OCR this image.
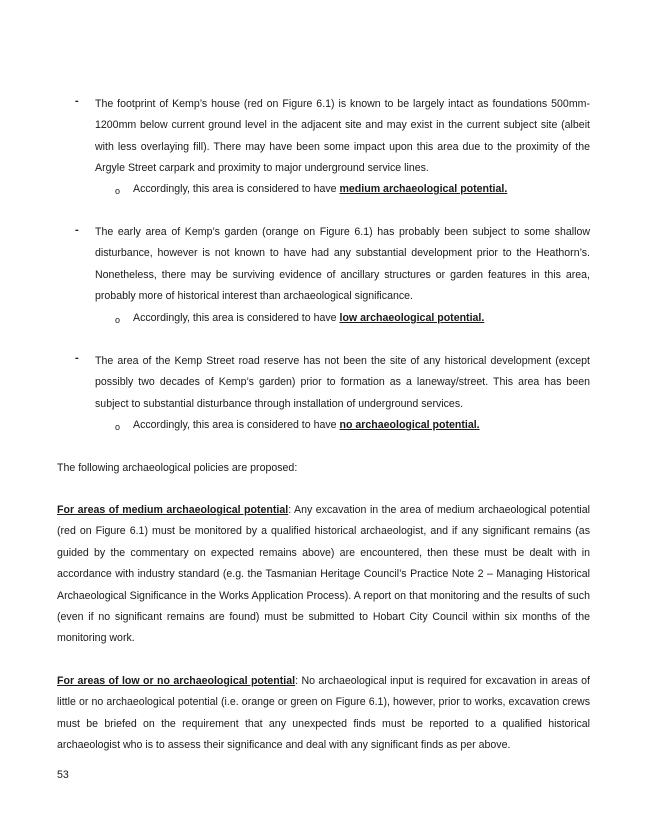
- The footprint of Kemp’s house (red on Figure 6.1) is known to be largely intact as foundations 500mm-1200mm below current ground level in the adjacent site and may exist in the current subject site (albeit with less overlaying fill). There may have been some impact upon this area due to the proximity of the Argyle Street carpark and proximity to major underground service lines.

o Accordingly, this area is considered to have medium archaeological potential.
- The early area of Kemp’s garden (orange on Figure 6.1) has probably been subject to some shallow disturbance, however is not known to have had any substantial development prior to the Heathorn’s. Nonetheless, there may be surviving evidence of ancillary structures or garden features in this area, probably more of historical interest than archaeological significance.

o Accordingly, this area is considered to have low archaeological potential.
- The area of the Kemp Street road reserve has not been the site of any historical development (except possibly two decades of Kemp’s garden) prior to formation as a laneway/street. This area has been subject to substantial disturbance through installation of underground services.

o Accordingly, this area is considered to have no archaeological potential.

The following archaeological policies are proposed:

For areas of medium archaeological potential: Any excavation in the area of medium archaeological potential (red on Figure 6.1) must be monitored by a qualified historical archaeologist, and if any significant remains (as guided by the commentary on expected remains above) are encountered, then these must be dealt with in accordance with industry standard (e.g. the Tasmanian Heritage Council’s Practice Note 2 – Managing Historical Archaeological Significance in the Works Application Process). A report on that monitoring and the results of such (even if no significant remains are found) must be submitted to Hobart City Council within six months of the monitoring work.

For areas of low or no archaeological potential: No archaeological input is required for excavation in areas of little or no archaeological potential (i.e. orange or green on Figure 6.1), however, prior to works, excavation crews must be briefed on the requirement that any unexpected finds must be reported to a qualified historical archaeologist who is to assess their significance and deal with any significant finds as per above.

53
